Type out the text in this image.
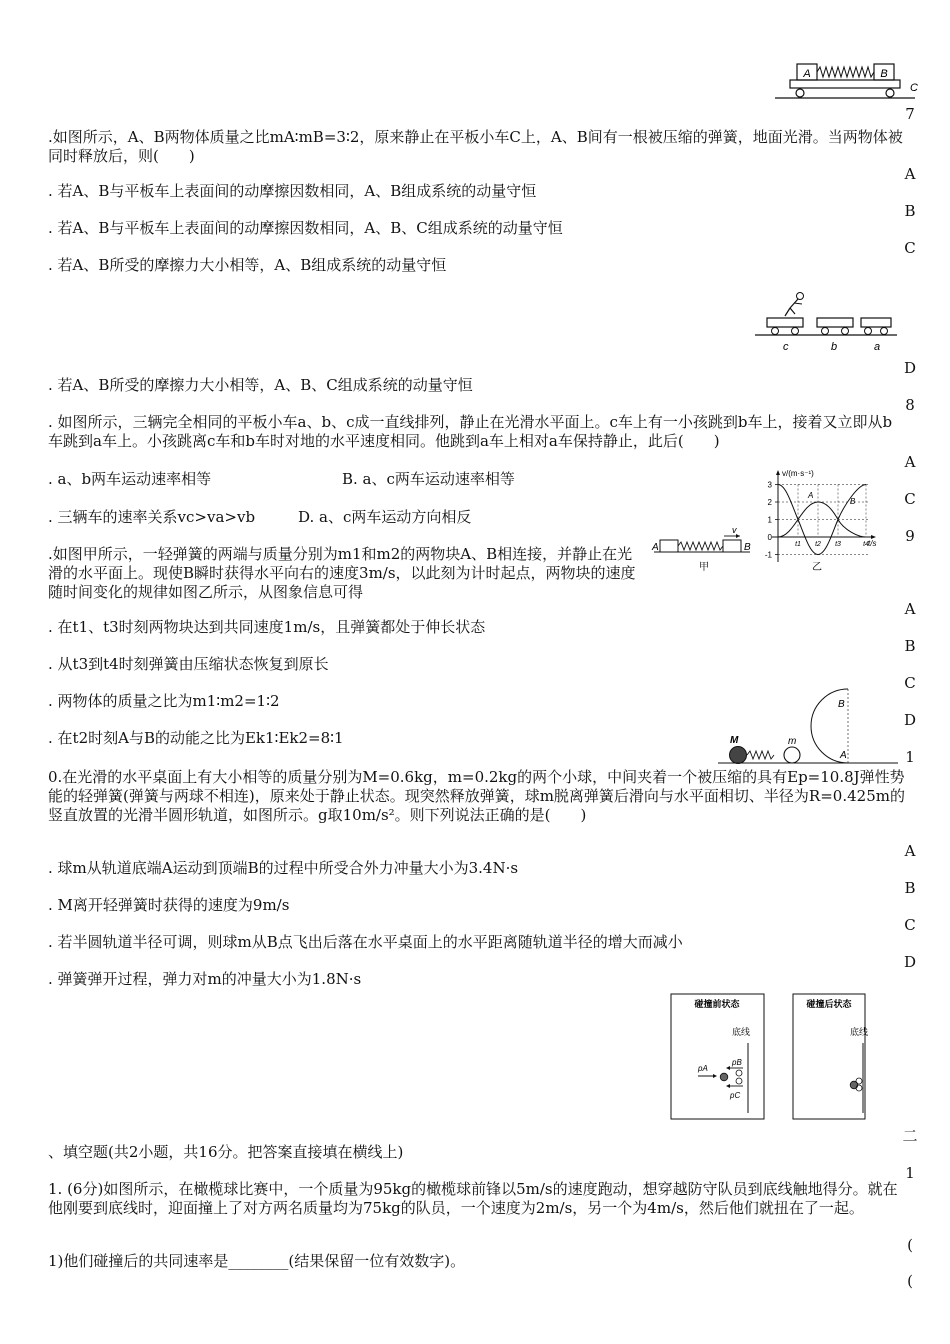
7
A
B
C
D
8
A
C
9
A
B
C
D
1
A
B
C
D
二
1
(
(
A	B
C
.如图所示，A、B两物体质量之比mA∶mB=3∶2，原来静止在平板小车C上，A、B间有一根被压缩的弹簧，地面光滑。当两物体被同时释放后，则(　　)
. 若A、B与平板车上表面间的动摩擦因数相同，A、B组成系统的动量守恒
. 若A、B与平板车上表面间的动摩擦因数相同，A、B、C组成系统的动量守恒
. 若A、B所受的摩擦力大小相等，A、B组成系统的动量守恒
c	b	a
. 若A、B所受的摩擦力大小相等，A、B、C组成系统的动量守恒
. 如图所示，三辆完全相同的平板小车a、b、c成一直线排列，静止在光滑水平面上。c车上有一小孩跳到b车上，接着又立即从b车跳到a车上。小孩跳离c车和b车时对地的水平速度相同。他跳到a车上相对a车保持静止，此后(　　)
. a、b两车运动速率相等	B. a、c两车运动速率相等
. 三辆车的速率关系vc>va>vb	D. a、c两车运动方向相反
A	B
v
甲
v/(m·s⁻¹)
t/s
3
2
1
0
-1
t1 t2 t3	t4
A
B
乙
.如图甲所示，一轻弹簧的两端与质量分别为m1和m2的两物块A、B相连接，并静止在光滑的水平面上。现使B瞬时获得水平向右的速度3m/s，以此刻为计时起点，两物块的速度随时间变化的规律如图乙所示，从图象信息可得
. 在t1、t3时刻两物块达到共同速度1m/s，且弹簧都处于伸长状态
. 从t3到t4时刻弹簧由压缩状态恢复到原长
. 两物体的质量之比为m1∶m2=1∶2
. 在t2时刻A与B的动能之比为Ek1∶Ek2=8∶1	M	m
A
B
0.在光滑的水平桌面上有大小相等的质量分别为M=0.6kg，m=0.2kg的两个小球，中间夹着一个被压缩的具有Ep=10.8J弹性势能的轻弹簧(弹簧与两球不相连)，原来处于静止状态。现突然释放弹簧，球m脱离弹簧后滑向与水平面相切、半径为R=0.425m的竖直放置的光滑半圆形轨道，如图所示。g取10m/s²。则下列说法正确的是(　　)
. 球m从轨道底端A运动到顶端B的过程中所受合外力冲量大小为3.4N·s
. M离开轻弹簧时获得的速度为9m/s
. 若半圆轨道半径可调，则球m从B点飞出后落在水平桌面上的水平距离随轨道半径的增大而减小
. 弹簧弹开过程，弹力对m的冲量大小为1.8N·s
碰撞前状态
底线
pA
pB
pC
碰撞后状态
底线
、填空题(共2小题，共16分。把答案直接填在横线上)
1. (6分)如图所示，在橄榄球比赛中，一个质量为95kg的橄榄球前锋以5m/s的速度跑动，想穿越防守队员到底线触地得分。就在他刚要到底线时，迎面撞上了对方两名质量均为75kg的队员，一个速度为2m/s，另一个为4m/s，然后他们就扭在了一起。
1)他们碰撞后的共同速率是________(结果保留一位有效数字)。
